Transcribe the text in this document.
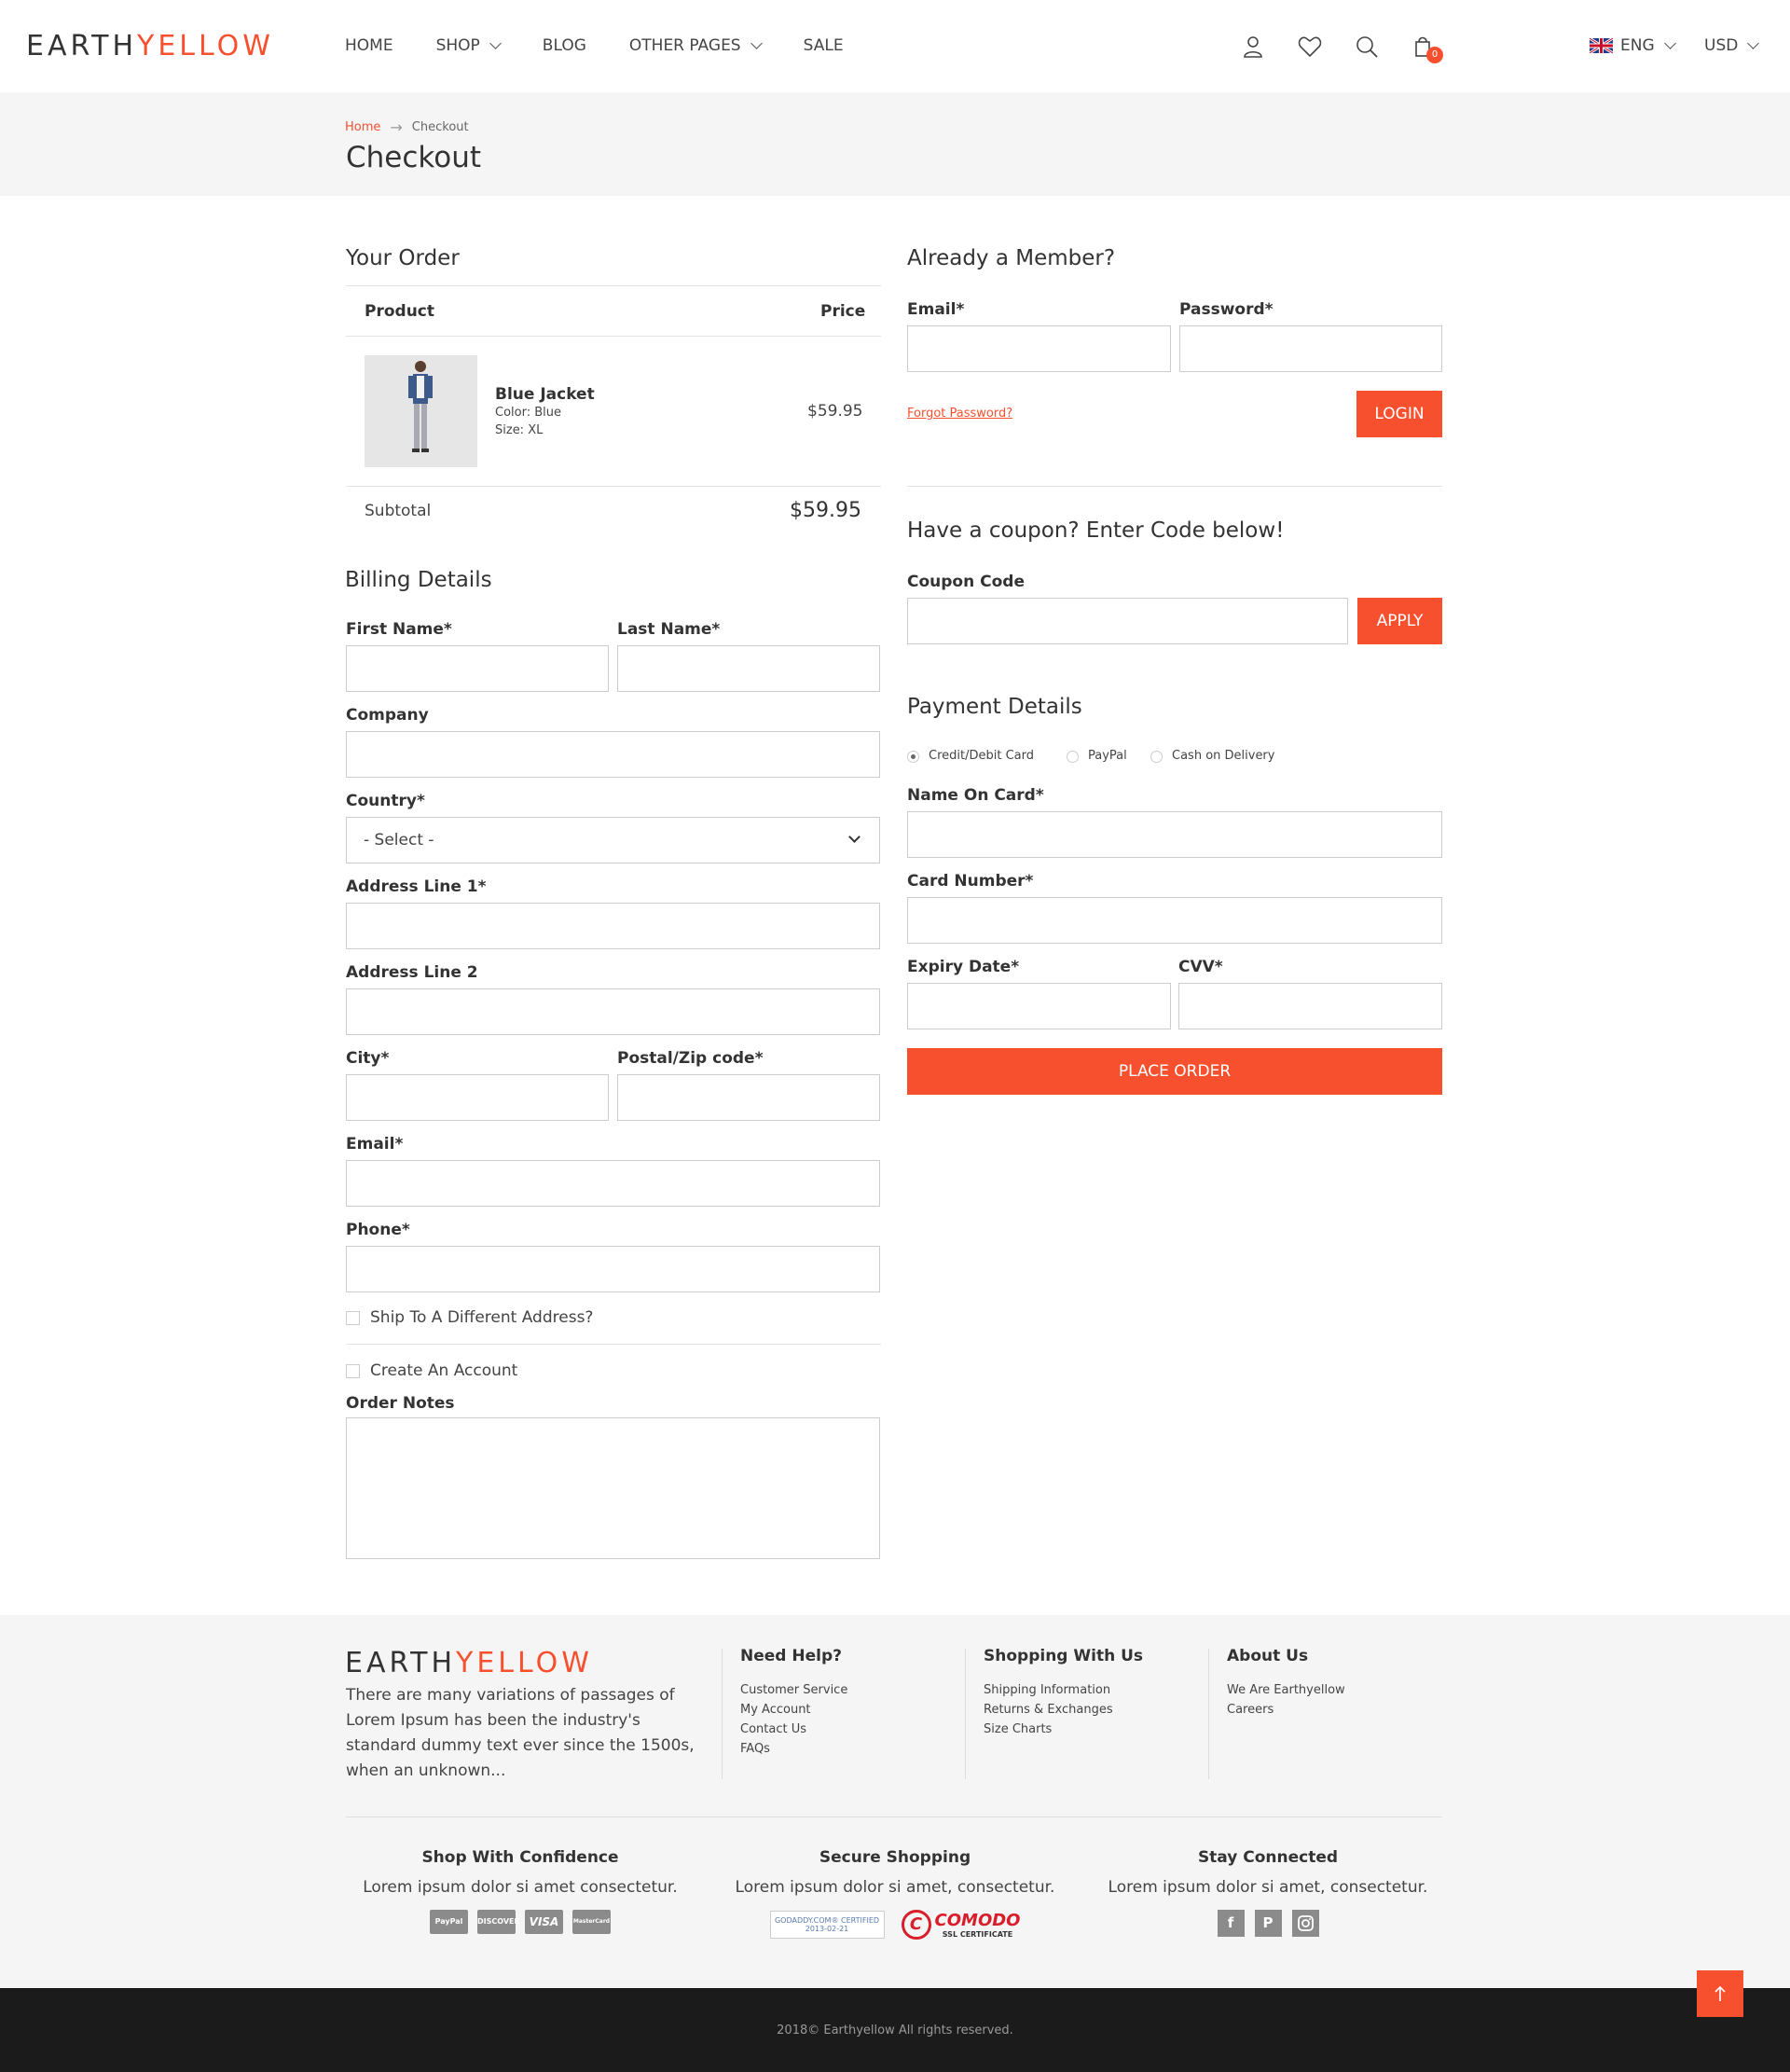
EARTHYELLOW	HOME	SHOP	BLOG	OTHER PAGES	SALE	0	ENG	USD
Home → Checkout
Checkout
Your Order
Product	Price
Blue Jacket
Color: Blue
Size: XL
$59.95
Subtotal	$59.95
Billing Details
First Name*	Last Name*
Company
Country*
- Select -
Address Line 1*
Address Line 2
City*	Postal/Zip code*
Email*
Phone*
Ship To A Different Address?
Create An Account
Order Notes
Already a Member?
Email*	Password*
Forgot Password?	LOGIN
Have a coupon? Enter Code below!
Coupon Code
APPLY
Payment Details
Credit/Debit Card	PayPal	Cash on Delivery
Name On Card*
Card Number*
Expiry Date*	CVV*
PLACE ORDER
EARTHYELLOW
There are many variations of passages of Lorem Ipsum has been the industry's standard dummy text ever since the 1500s, when an unknown...
Need Help?
Customer Service
My Account
Contact Us
FAQs
Shopping With Us
Shipping Information
Returns & Exchanges
Size Charts
About Us
We Are Earthyellow
Careers
Shop With Confidence
Lorem ipsum dolor si amet consectetur.
PayPal	DISCOVER VISA	MasterCard
Secure Shopping
Lorem ipsum dolor si amet, consectetur.
GODADDY.COM® CERTIFIED 2013-02-21	C COMODO
SSL CERTIFICATE
Stay Connected
Lorem ipsum dolor si amet, consectetur.
f	P
2018© Earthyellow All rights reserved.
